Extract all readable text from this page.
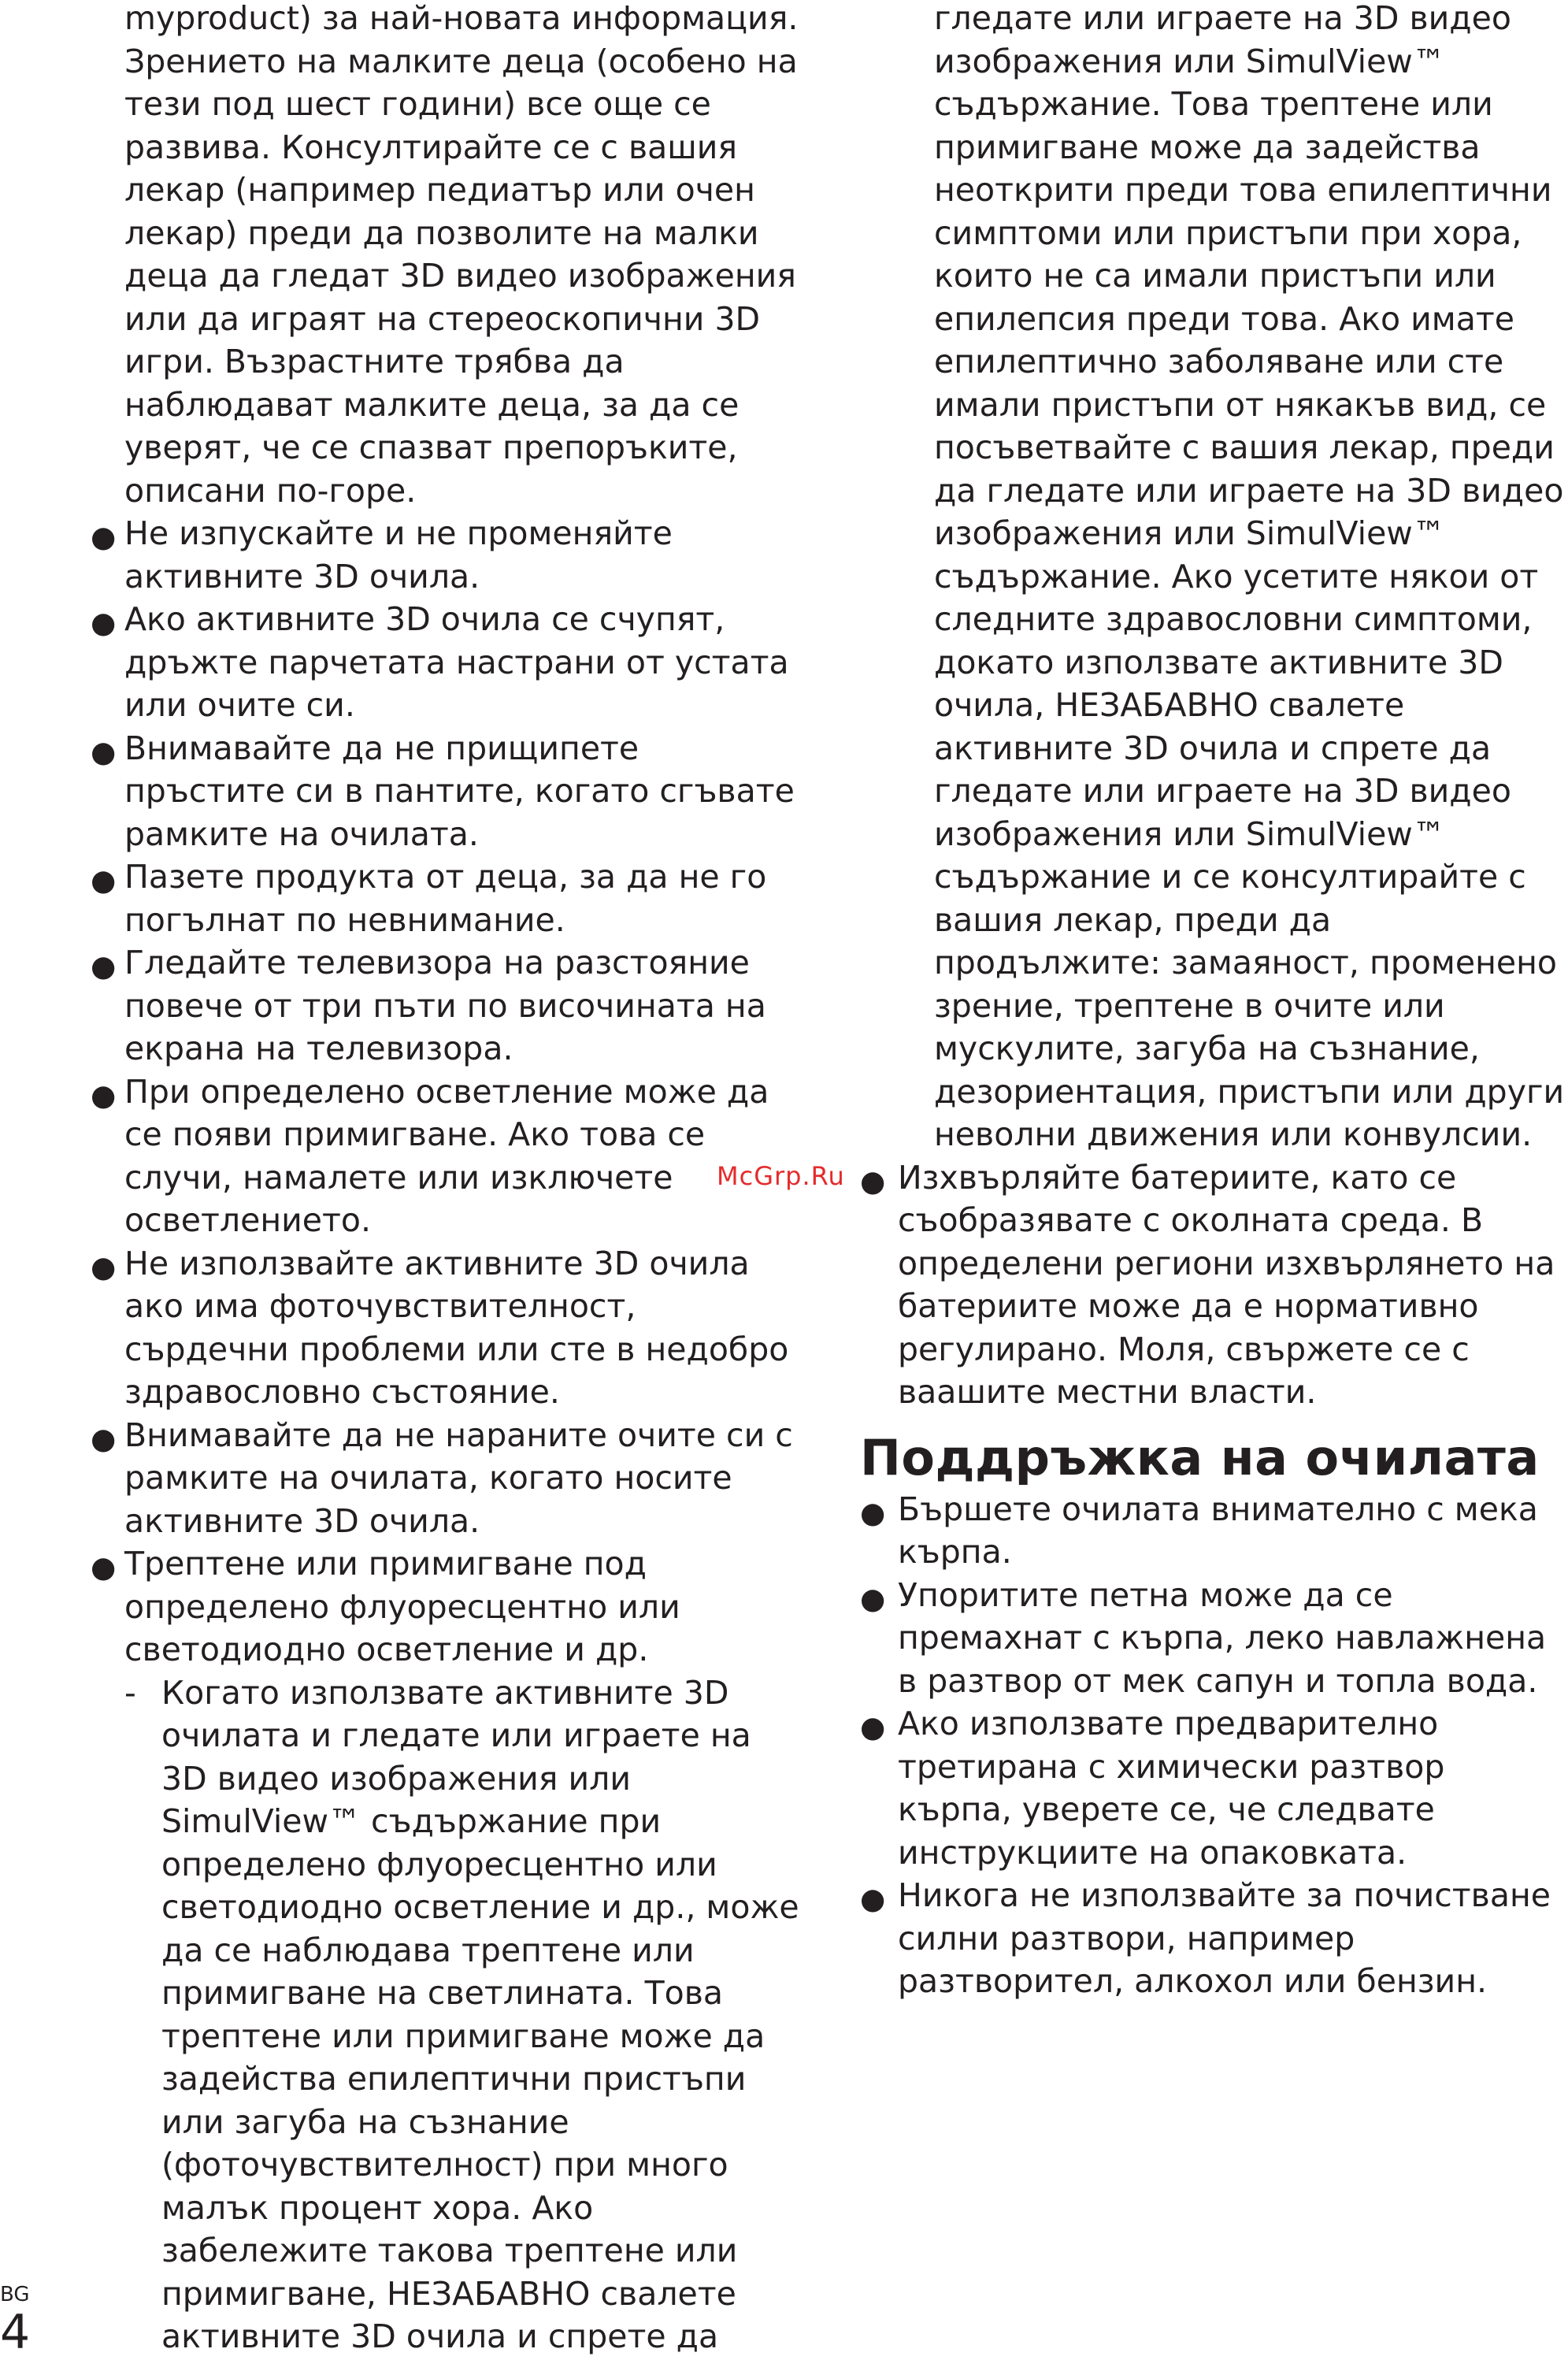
myproduct) за най-новата информация. Зрението на малките деца (особено на тези под шест години) все още се развива. Консултирайте се с вашия лекар (например педиатър или очен лекар) преди да позволите на малки деца да гледат 3D видео изображения или да играят на стереоскопични 3D игри. Възрастните трябва да наблюдават малките деца, за да се уверят, че се спазват препоръките, описани по-горе.

● Не изпускайте и не променяйте активните 3D очила.
● Ако активните 3D очила се счупят, дръжте парчетата настрани от устата или очите си.
● Внимавайте да не прищипете пръстите си в пантите, когато сгъвате рамките на очилата.
● Пазете продукта от деца, за да не го погълнат по невнимание.
● Гледайте телевизора на разстояние повече от три пъти по височината на екрана на телевизора.
● При определено осветление може да се появи примигване. Ако това се случи, намалете или изключете осветлението.
● Не използвайте активните 3D очила ако има фоточувствителност, сърдечни проблеми или сте в недобро здравословно състояние.
● Внимавайте да не нараните очите си с рамките на очилата, когато носите активните 3D очила.
● Трептене или примигване под определено флуоресцентно или светодиодно осветление и др.
- Когато използвате активните 3D очилата и гледате или играете на 3D видео изображения или SimulView™ съдържание при определено флуоресцентно или светодиодно осветление и др., може да се наблюдава трептене или примигване на светлината. Това трептене или примигване може да задейства епилептични пристъпи или загуба на съзнание (фоточувствителност) при много малък процент хора. Ако забележите такова трептене или примигване, НЕЗАБАВНО свалете активните 3D очила и спрете да

гледате или играете на 3D видео изображения или SimulView™ съдържание. Това трептене или примигване може да задейства неоткрити преди това епилептични симптоми или пристъпи при хора, които не са имали пристъпи или епилепсия преди това. Ако имате епилептично заболяване или сте имали пристъпи от някакъв вид, се посъветвайте с вашия лекар, преди да гледате или играете на 3D видео изображения или SimulView™ съдържание. Ако усетите някои от следните здравословни симптоми, докато използвате активните 3D очила, НЕЗАБАВНО свалете активните 3D очила и спрете да гледате или играете на 3D видео изображения или SimulView™ съдържание и се консултирайте с вашия лекар, преди да продължите: замаяност, променено зрение, трептене в очите или мускулите, загуба на съзнание, дезориентация, пристъпи или други неволни движения или конвулсии.

● Изхвърляйте батериите, като се съобразявате с околната среда. В определени региони изхвърлянето на батериите може да е нормативно регулирано. Моля, свържете се с ваашите местни власти.
Поддръжка на очилата
● Бършете очилата внимателно с мека кърпа.
● Упоритите петна може да се премахнат с кърпа, леко навлажнена в разтвор от мек сапун и топла вода.
● Ако използвате предварително третирана с химически разтвор кърпа, уверете се, че следвате инструкциите на опаковката.
● Никога не използвайте за почистване силни разтвори, например разтворител, алкохол или бензин.
McGrp.Ru
BG
4
